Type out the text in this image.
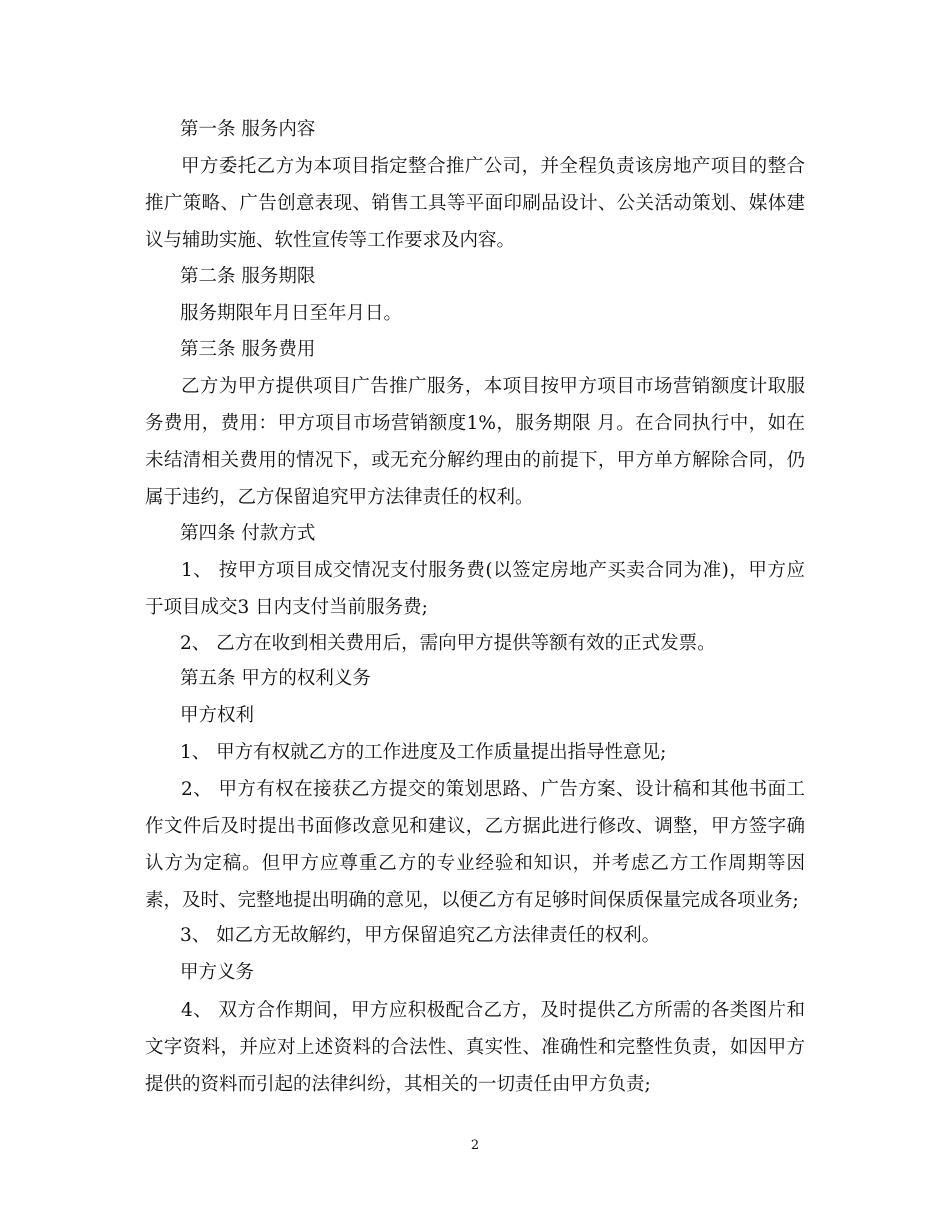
第一条 服务内容
甲方委托乙方为本项目指定整合推广公司，并全程负责该房地产项目的整合推广策略、广告创意表现、销售工具等平面印刷品设计、公关活动策划、媒体建议与辅助实施、软性宣传等工作要求及内容。
第二条 服务期限
服务期限年月日至年月日。
第三条 服务费用
乙方为甲方提供项目广告推广服务，本项目按甲方项目市场营销额度计取服务费用，费用：甲方项目市场营销额度1%，服务期限 月。在合同执行中，如在未结清相关费用的情况下，或无充分解约理由的前提下，甲方单方解除合同，仍属于违约，乙方保留追究甲方法律责任的权利。
第四条 付款方式
1、 按甲方项目成交情况支付服务费(以签定房地产买卖合同为准)，甲方应于项目成交3 日内支付当前服务费;
2、 乙方在收到相关费用后，需向甲方提供等额有效的正式发票。
第五条 甲方的权利义务
甲方权利
1、 甲方有权就乙方的工作进度及工作质量提出指导性意见;
2、 甲方有权在接获乙方提交的策划思路、广告方案、设计稿和其他书面工作文件后及时提出书面修改意见和建议，乙方据此进行修改、调整，甲方签字确认方为定稿。但甲方应尊重乙方的专业经验和知识，并考虑乙方工作周期等因素，及时、完整地提出明确的意见，以便乙方有足够时间保质保量完成各项业务;
3、 如乙方无故解约，甲方保留追究乙方法律责任的权利。
甲方义务
4、 双方合作期间，甲方应积极配合乙方，及时提供乙方所需的各类图片和文字资料，并应对上述资料的合法性、真实性、准确性和完整性负责，如因甲方提供的资料而引起的法律纠纷，其相关的一切责任由甲方负责;
2
